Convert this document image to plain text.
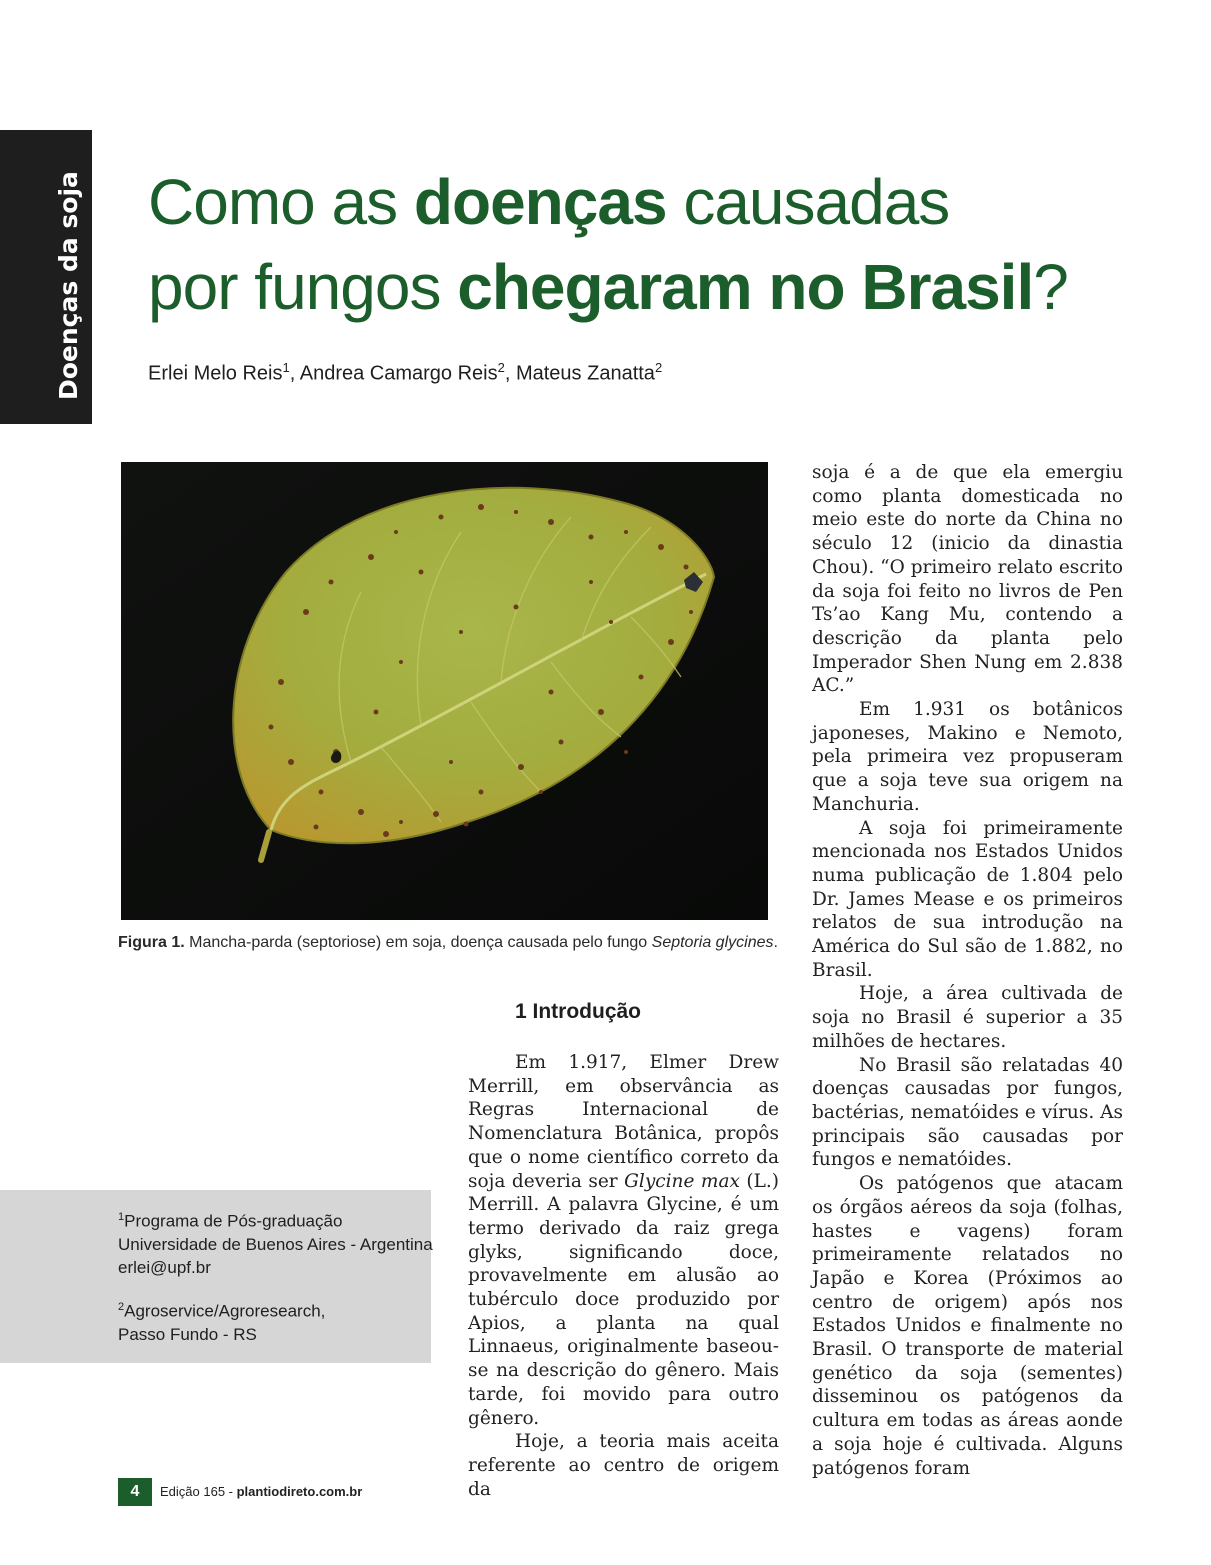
Doenças da soja Como as doenças causadas
por fungos chegaram no Brasil?
Erlei Melo Reis$^1$, Andrea Camargo Reis$^2$, Mateus Zanatta$^2$
Figura 1. Mancha-parda (septoriose) em soja, doença causada pelo fungo Septoria glycines.
1 Introdução

Em 1.917, Elmer Drew Merrill, em observância as Regras Internacional de Nomenclatura Botânica, propôs que o nome científico correto da soja deveria ser Glycine max (L.) Merrill. A palavra Glycine, é um termo derivado da raiz grega glyks, significando doce, provavelmente em alusão ao tubérculo doce produzido por Apios, a planta na qual Linnaeus, originalmente baseou-se na descrição do gênero. Mais tarde, foi movido para outro gênero.

Hoje, a teoria mais aceita referente ao centro de origem da

soja é a de que ela emergiu como planta domesticada no meio este do norte da China no século 12 (inicio da dinastia Chou). “O primeiro relato escrito da soja foi feito no livros de Pen Ts’ao Kang Mu, contendo a descrição da planta pelo Imperador Shen Nung em 2.838 AC.”

Em 1.931 os botânicos japoneses, Makino e Nemoto, pela primeira vez propuseram que a soja teve sua origem na Manchuria.

A soja foi primeiramente mencionada nos Estados Unidos numa publicação de 1.804 pelo Dr. James Mease e os primeiros relatos de sua introdução na América do Sul são de 1.882, no Brasil.

Hoje, a área cultivada de soja no Brasil é superior a 35 milhões de hectares.

No Brasil são relatadas 40 doenças causadas por fungos, bactérias, nematóides e vírus. As principais são causadas por fungos e nematóides.

Os patógenos que atacam os órgãos aéreos da soja (folhas, hastes e vagens) foram primeiramente relatados no Japão e Korea (Próximos ao centro de origem) após nos Estados Unidos e finalmente no Brasil. O transporte de material genético da soja (sementes) disseminou os patógenos da cultura em todas as áreas aonde a soja hoje é cultivada. Alguns patógenos foram

$^1$Programa de Pós-graduação
Universidade de Buenos Aires - Argentina
erlei@upf.br
$^2$Agroservice/Agroresearch,
Passo Fundo - RS
4	Edição 165 - plantiodireto.com.br
